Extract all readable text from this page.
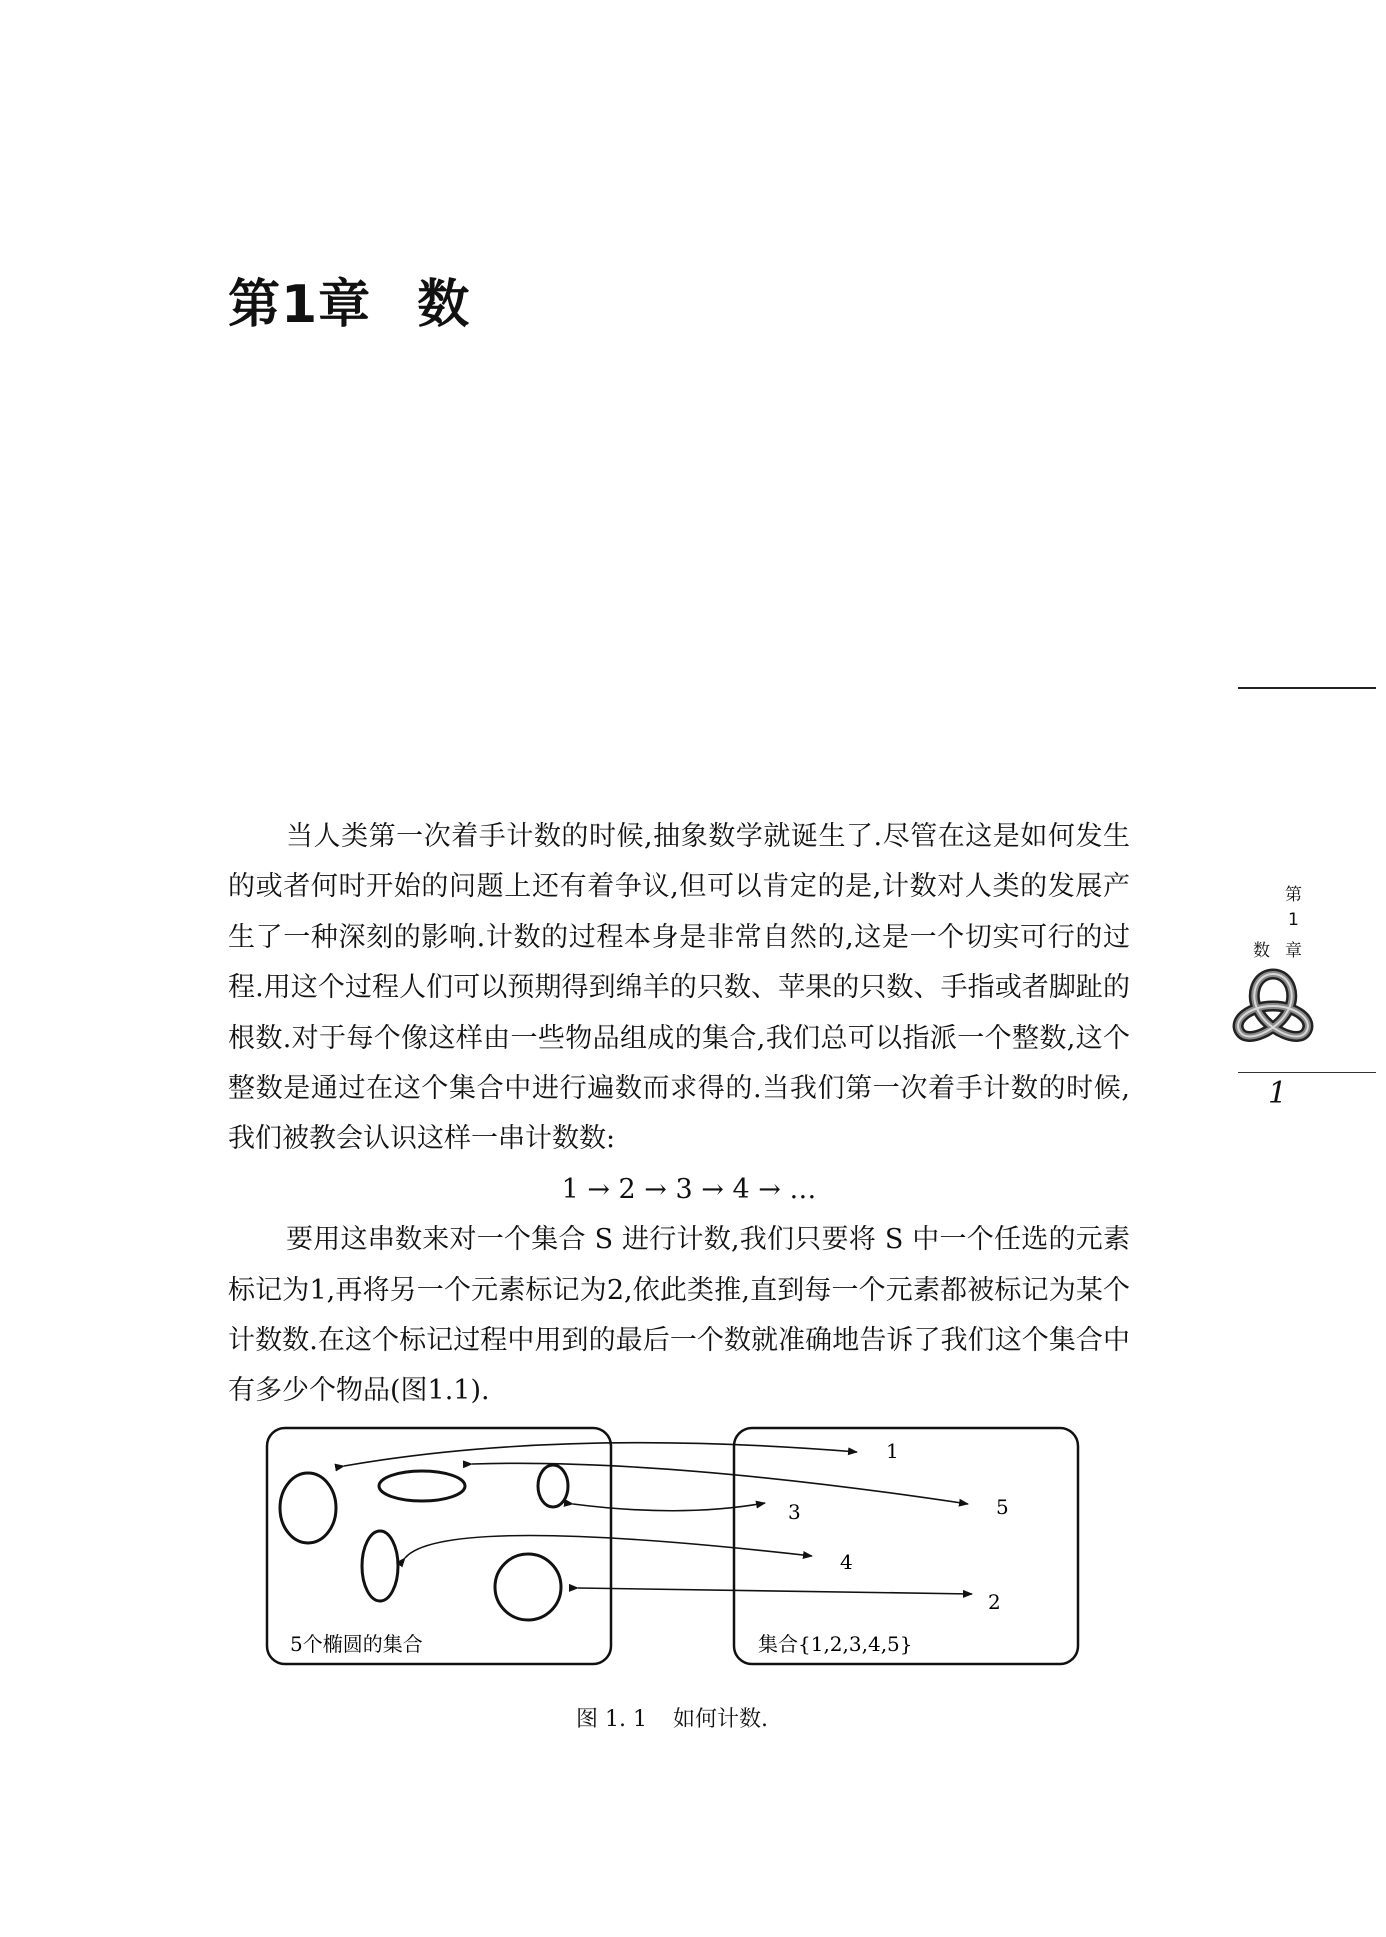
第1章 数
第
1
数 章
1

当人类第一次着手计数的时候,抽象数学就诞生了.尽管在这是如何发生的或者何时开始的问题上还有着争议,但可以肯定的是,计数对人类的发展产生了一种深刻的影响.计数的过程本身是非常自然的,这是一个切实可行的过程.用这个过程人们可以预期得到绵羊的只数、苹果的只数、手指或者脚趾的根数.对于每个像这样由一些物品组成的集合,我们总可以指派一个整数,这个整数是通过在这个集合中进行遍数而求得的.当我们第一次着手计数的时候,我们被教会认识这样一串计数数:

1 → 2 → 3 → 4 → …

要用这串数来对一个集合 S 进行计数,我们只要将 S 中一个任选的元素标记为1,再将另一个元素标记为2,依此类推,直到每一个元素都被标记为某个计数数.在这个标记过程中用到的最后一个数就准确地告诉了我们这个集合中有多少个物品(图1.1).

1
5
3
4
2
5个椭圆的集合	集合{1,2,3,4,5}
图 1. 1 如何计数.
